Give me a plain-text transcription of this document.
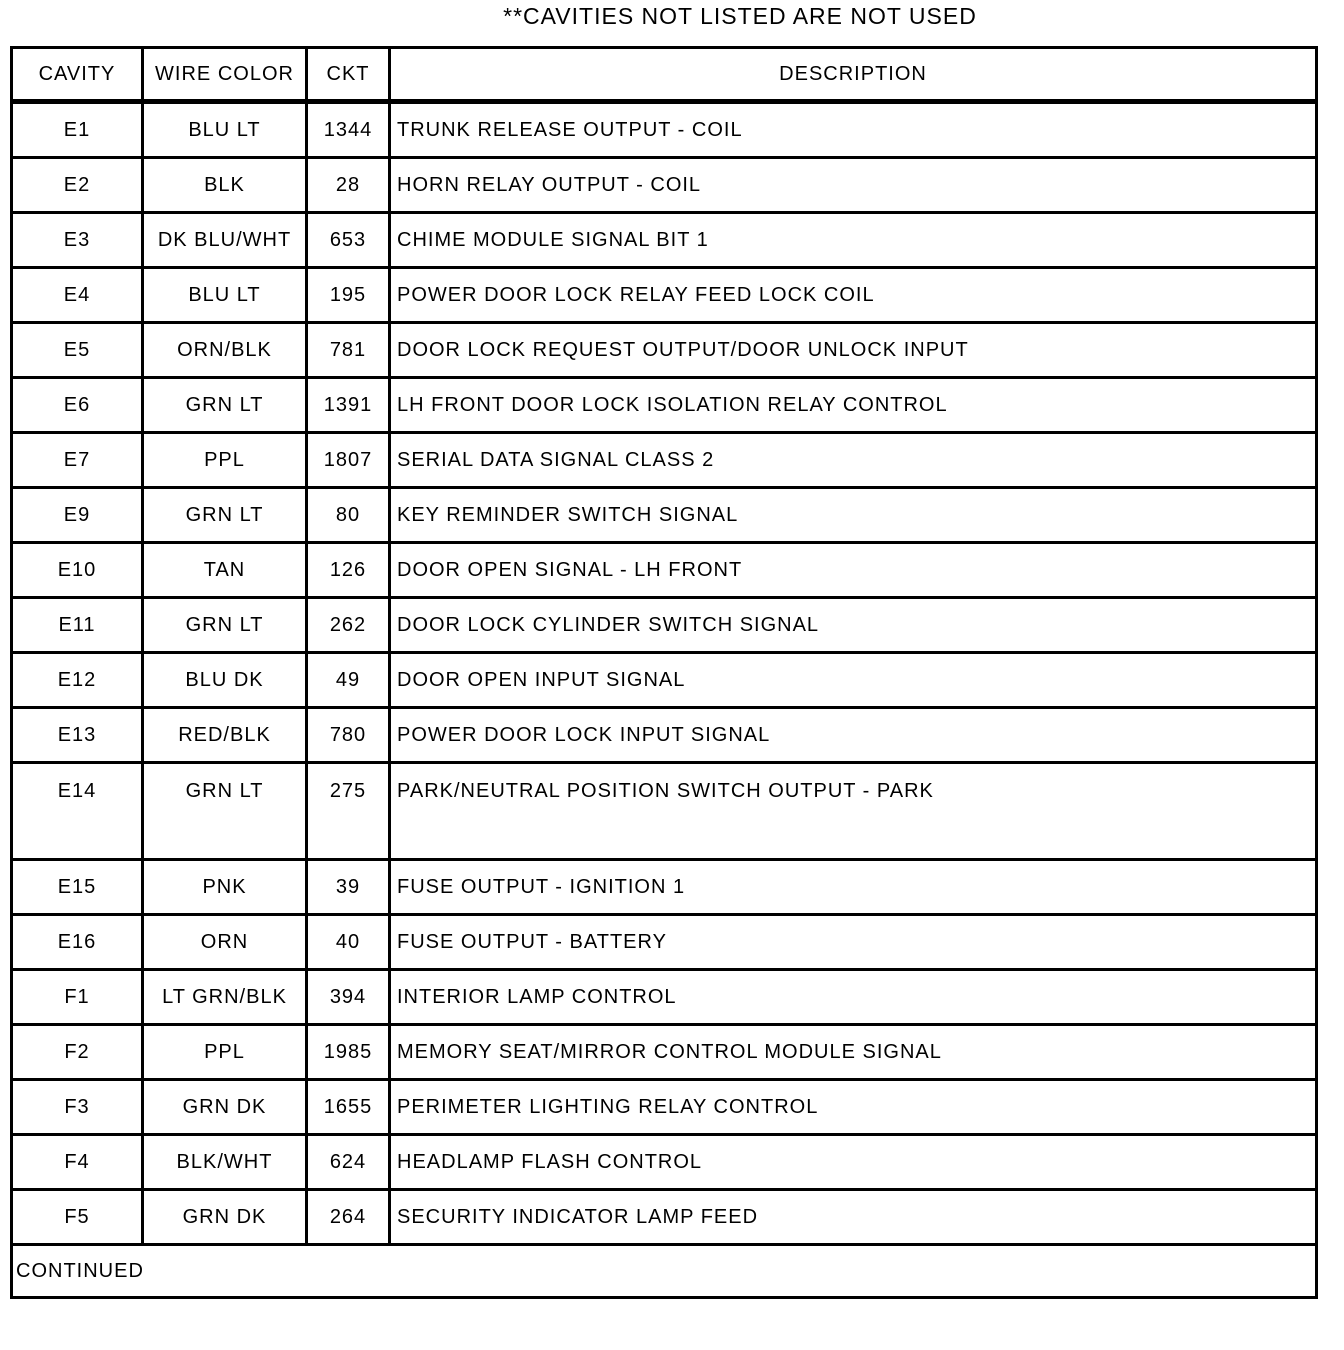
**CAVITIES NOT LISTED ARE NOT USED
CAVITY	WIRE COLOR	CKT	DESCRIPTION
E1	BLU LT	1344	TRUNK RELEASE OUTPUT - COIL
E2	BLK	28	HORN RELAY OUTPUT - COIL
E3	DK BLU/WHT	653	CHIME MODULE SIGNAL BIT 1
E4	BLU LT	195	POWER DOOR LOCK RELAY FEED LOCK COIL
E5	ORN/BLK	781	DOOR LOCK REQUEST OUTPUT/DOOR UNLOCK INPUT
E6	GRN LT	1391	LH FRONT DOOR LOCK ISOLATION RELAY CONTROL
E7	PPL	1807	SERIAL DATA SIGNAL CLASS 2
E9	GRN LT	80	KEY REMINDER SWITCH SIGNAL
E10	TAN	126	DOOR OPEN SIGNAL - LH FRONT
E11	GRN LT	262	DOOR LOCK CYLINDER SWITCH SIGNAL
E12	BLU DK	49	DOOR OPEN INPUT SIGNAL
E13	RED/BLK	780	POWER DOOR LOCK INPUT SIGNAL
E14	GRN LT	275	PARK/NEUTRAL POSITION SWITCH OUTPUT - PARK
E15	PNK	39	FUSE OUTPUT - IGNITION 1
E16	ORN	40	FUSE OUTPUT - BATTERY
F1	LT GRN/BLK	394	INTERIOR LAMP CONTROL
F2	PPL	1985	MEMORY SEAT/MIRROR CONTROL MODULE SIGNAL
F3	GRN DK	1655	PERIMETER LIGHTING RELAY CONTROL
F4	BLK/WHT	624	HEADLAMP FLASH CONTROL
F5	GRN DK	264	SECURITY INDICATOR LAMP FEED
CONTINUED			
